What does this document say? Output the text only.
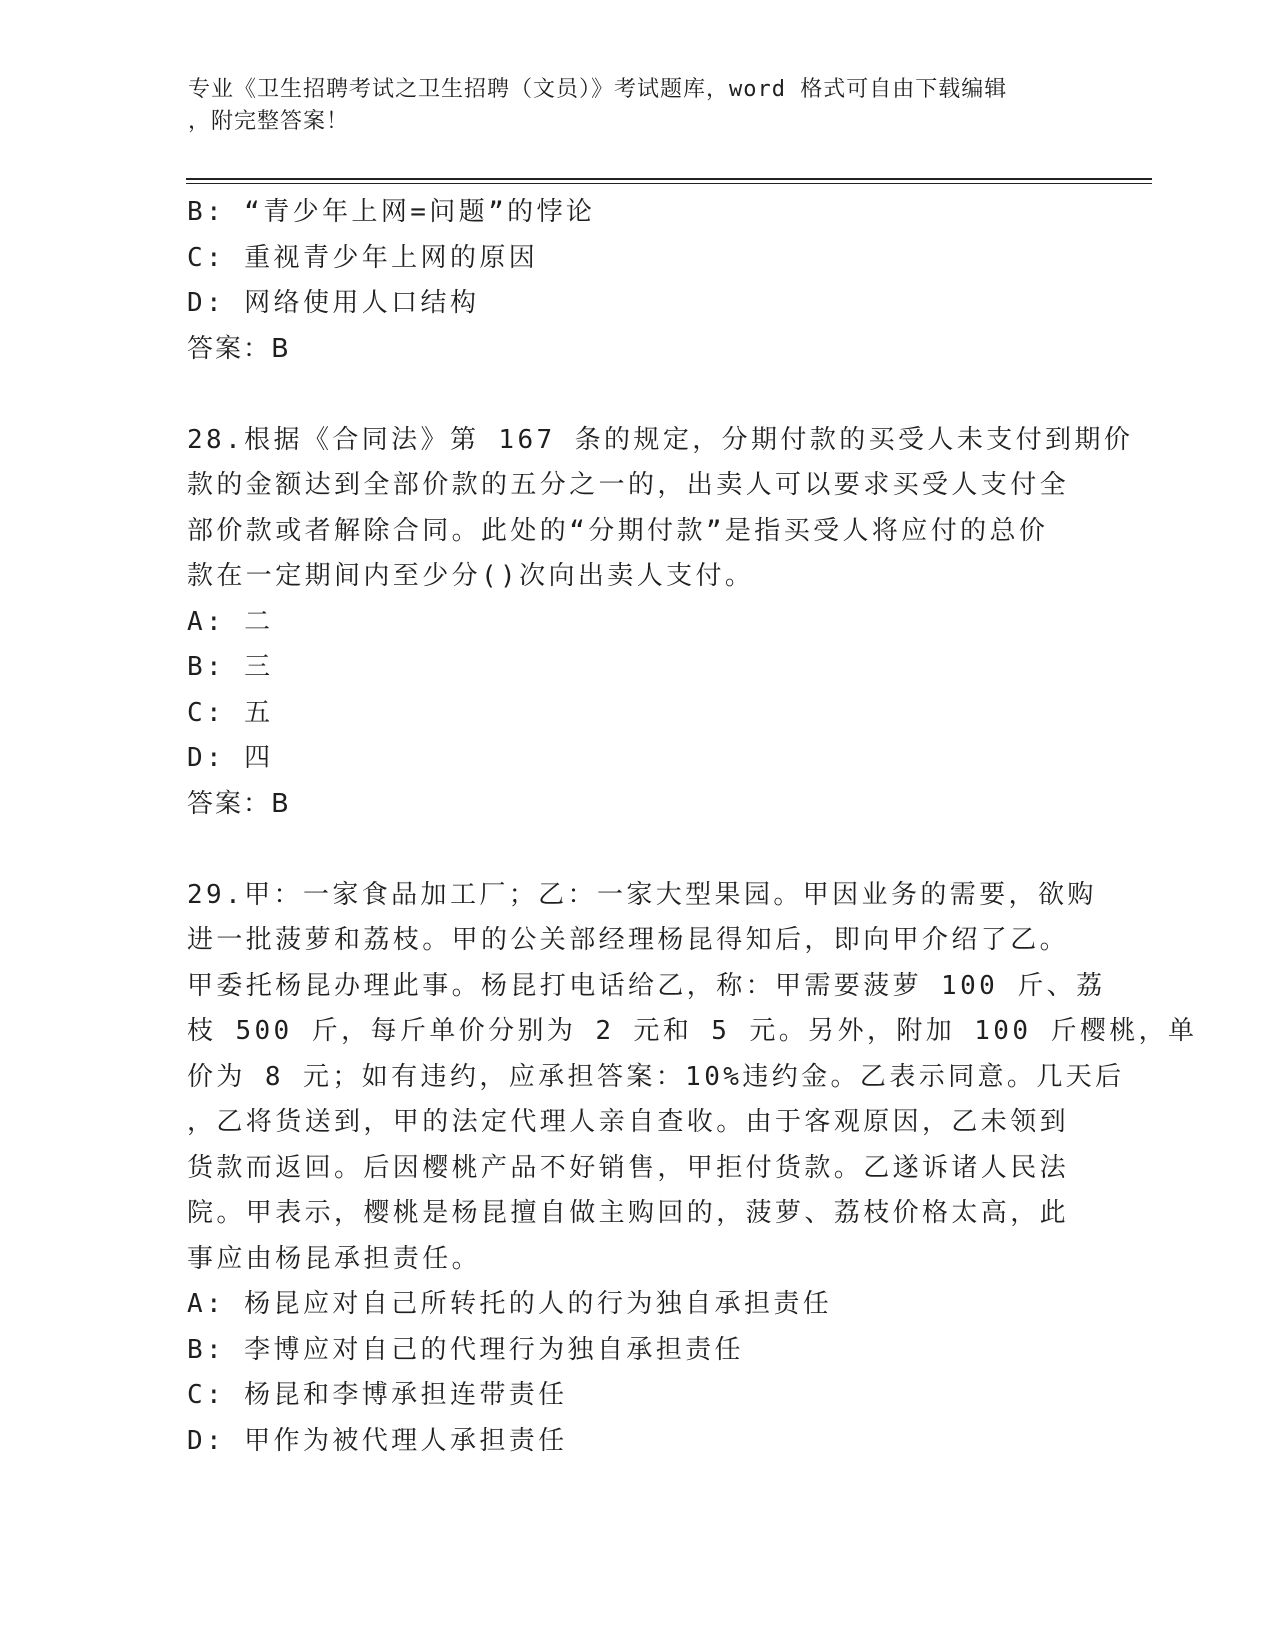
专业《卫生招聘考试之卫生招聘（文员）》考试题库，word 格式可自由下载编辑
，附完整答案！
B: “青少年上网=问题”的悖论
C: 重视青少年上网的原因
D: 网络使用人口结构
答案：B
28.根据《合同法》第 167 条的规定，分期付款的买受人未支付到期价
款的金额达到全部价款的五分之一的，出卖人可以要求买受人支付全
部价款或者解除合同。此处的“分期付款”是指买受人将应付的总价
款在一定期间内至少分()次向出卖人支付。
A: 二
B: 三
C: 五
D: 四
答案：B
29.甲：一家食品加工厂；乙：一家大型果园。甲因业务的需要，欲购
进一批菠萝和荔枝。甲的公关部经理杨昆得知后，即向甲介绍了乙。
甲委托杨昆办理此事。杨昆打电话给乙，称：甲需要菠萝 100 斤、荔
枝 500 斤，每斤单价分别为 2 元和 5 元。另外，附加 100 斤樱桃，单
价为 8 元；如有违约，应承担答案：10%违约金。乙表示同意。几天后
，乙将货送到，甲的法定代理人亲自查收。由于客观原因，乙未领到
货款而返回。后因樱桃产品不好销售，甲拒付货款。乙遂诉诸人民法
院。甲表示，樱桃是杨昆擅自做主购回的，菠萝、荔枝价格太高，此
事应由杨昆承担责任。
A: 杨昆应对自己所转托的人的行为独自承担责任
B: 李博应对自己的代理行为独自承担责任
C: 杨昆和李博承担连带责任
D: 甲作为被代理人承担责任
